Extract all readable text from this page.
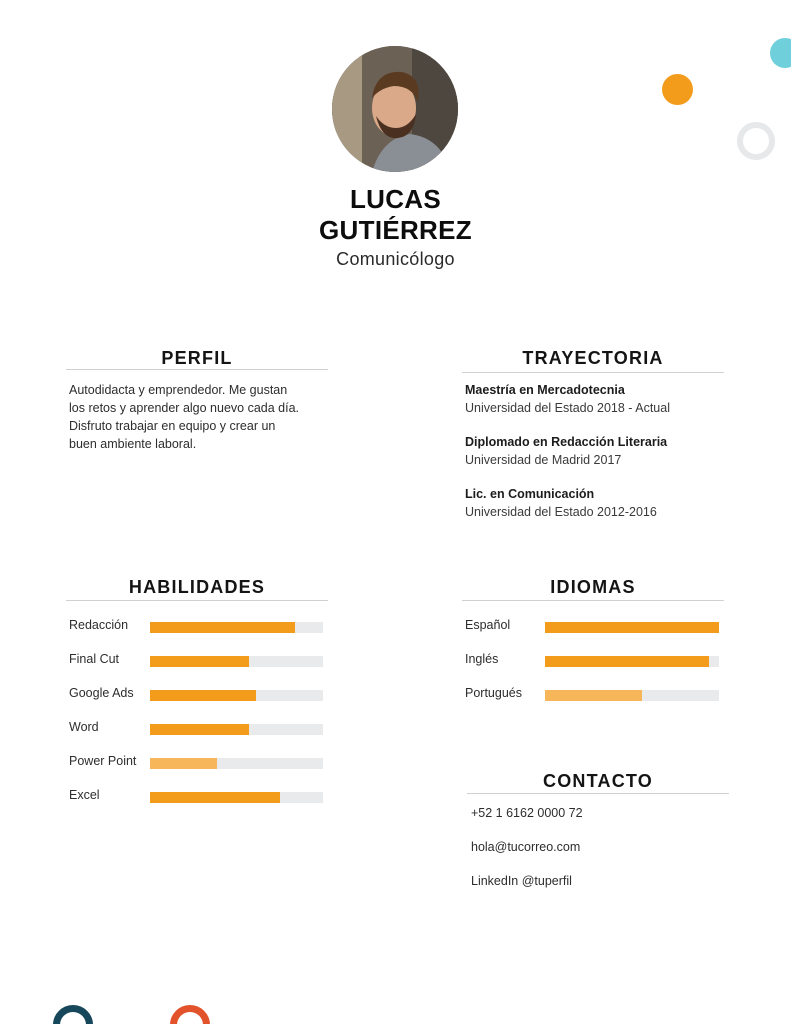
LUCAS
GUTIÉRREZ
Comunicólogo
PERFIL
Autodidacta y emprendedor. Me gustan
los retos y aprender algo nuevo cada día.
Disfruto trabajar en equipo y crear un
buen ambiente laboral.
TRAYECTORIA
Maestría en Mercadotecnia
Universidad del Estado 2018 - Actual
Diplomado en Redacción Literaria
Universidad de Madrid 2017
Lic. en Comunicación
Universidad del Estado 2012-2016
HABILIDADES
Redacción
Final Cut
Google Ads
Word
Power Point
Excel
IDIOMAS
Español
Inglés
Portugués
CONTACTO
+52 1 6162 0000 72
hola@tucorreo.com
LinkedIn @tuperfil
